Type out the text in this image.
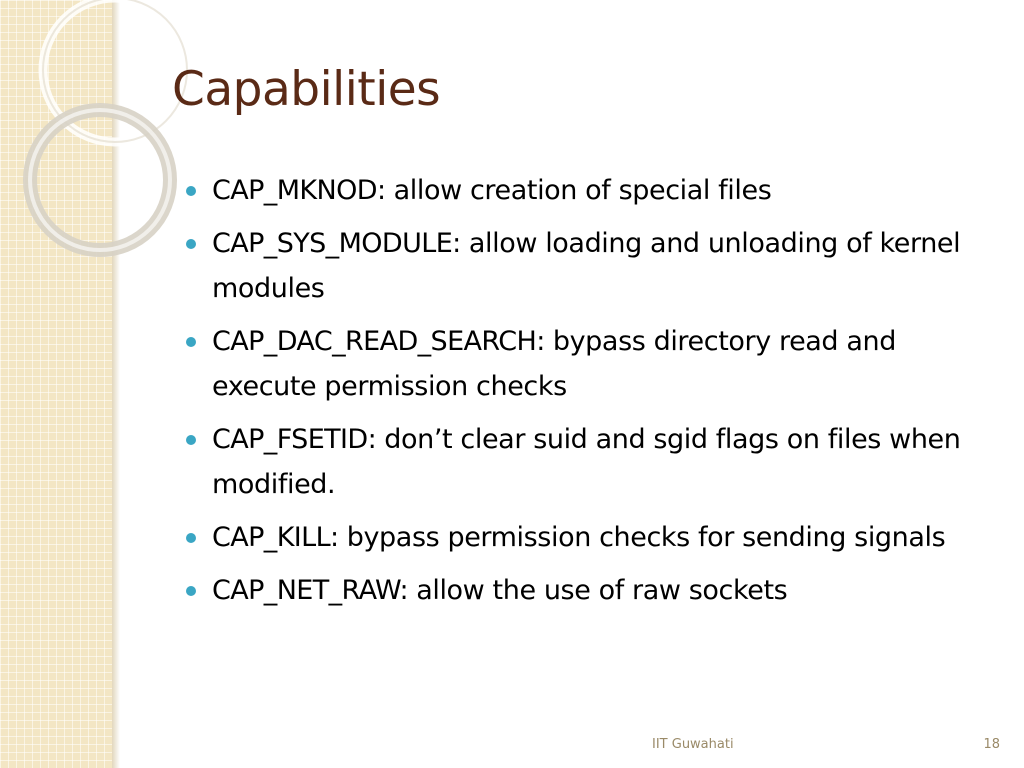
Capabilities
CAP_MKNOD: allow creation of special files
CAP_SYS_MODULE: allow loading and unloading of kernel modules
CAP_DAC_READ_SEARCH: bypass directory read and execute permission checks
CAP_FSETID: don’t clear suid and sgid flags on files when modified.
CAP_KILL: bypass permission checks for sending signals
CAP_NET_RAW: allow the use of raw sockets
IIT Guwahati	18
